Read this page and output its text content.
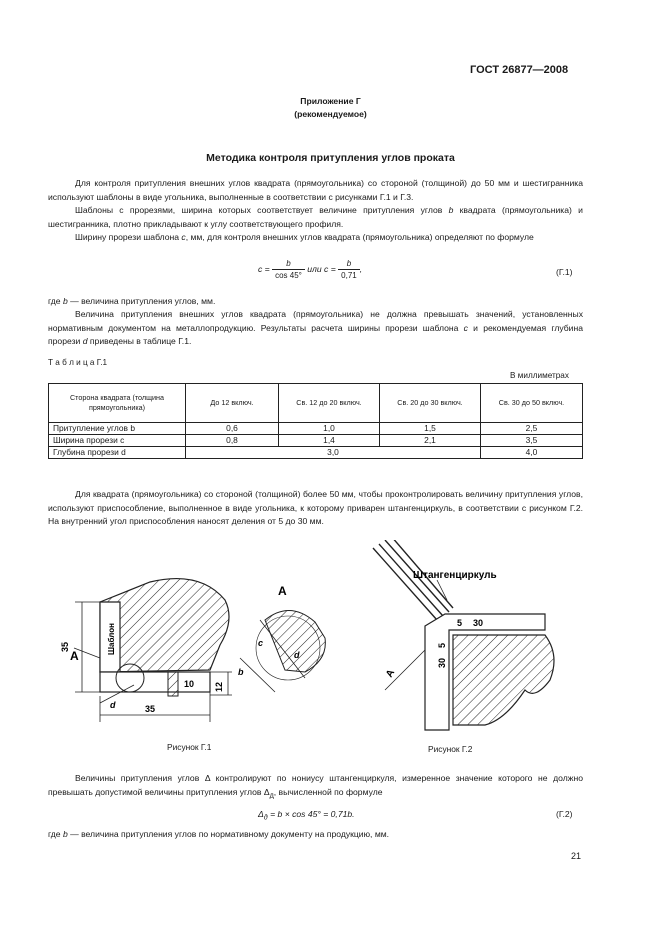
ГОСТ 26877—2008
Приложение Г
(рекомендуемое)
Методика контроля притупления углов проката
Для контроля притупления внешних углов квадрата (прямоугольника) со стороной (толщиной) до 50 мм и шестигранника используют шаблоны в виде угольника, выполненные в соответствии с рисунками Г.1 и Г.3.
Шаблоны с прорезями, ширина которых соответствует величине притупления углов b квадрата (прямоугольника) и шестигранника, плотно прикладывают к углу соответствующего профиля.
Ширину прорези шаблона c, мм, для контроля внешних углов квадрата (прямоугольника) определяют по формуле
$c = \frac{b}{\cos 45^\circ}$ или $c = \frac{b}{0,71}$ ,	(Г.1)
где b — величина притупления углов, мм.
Величина притупления внешних углов квадрата (прямоугольника) не должна превышать значений, установленных нормативным документом на металлопродукцию. Результаты расчета ширины прорези шаблона c и рекомендуемая глубина прорези d приведены в таблице Г.1.
Т а б л и ц а Г.1
В миллиметрах
Сторона квадрата (толщина прямоугольника)	До 12 включ.	Св. 12 до 20 включ.	Св. 20 до 30 включ.	Св. 30 до 50 включ.
Притупление углов b	0,6	1,0	1,5	2,5
Ширина прорези c	0,8	1,4	2,1	3,5
Глубина прорези d	3,0			4,0
Для квадрата (прямоугольника) со стороной (толщиной) более 50 мм, чтобы проконтролировать величину притупления углов, используют приспособление, выполненное в виде угольника, к которому приварен штангенциркуль, в соответствии с рисунком Г.2. На внутренний угол приспособления наносят деления от 5 до 30 мм.
A
35
35
12
10
Шаблон
d
A
b
d
c
Рисунок Г.1
Штангенциркуль
5 30
30
5
A
Рисунок Г.2
Величины притупления углов Δ контролируют по нониусу штангенциркуля, измеренное значение которого не должно превышать допустимой величины притупления углов $\Delta_д$, вычисленной по формуле
$\Delta_д = b \times \cos 45^\circ = 0,71b$.	(Г.2)
где b — величина притупления углов по нормативному документу на продукцию, мм.
21
